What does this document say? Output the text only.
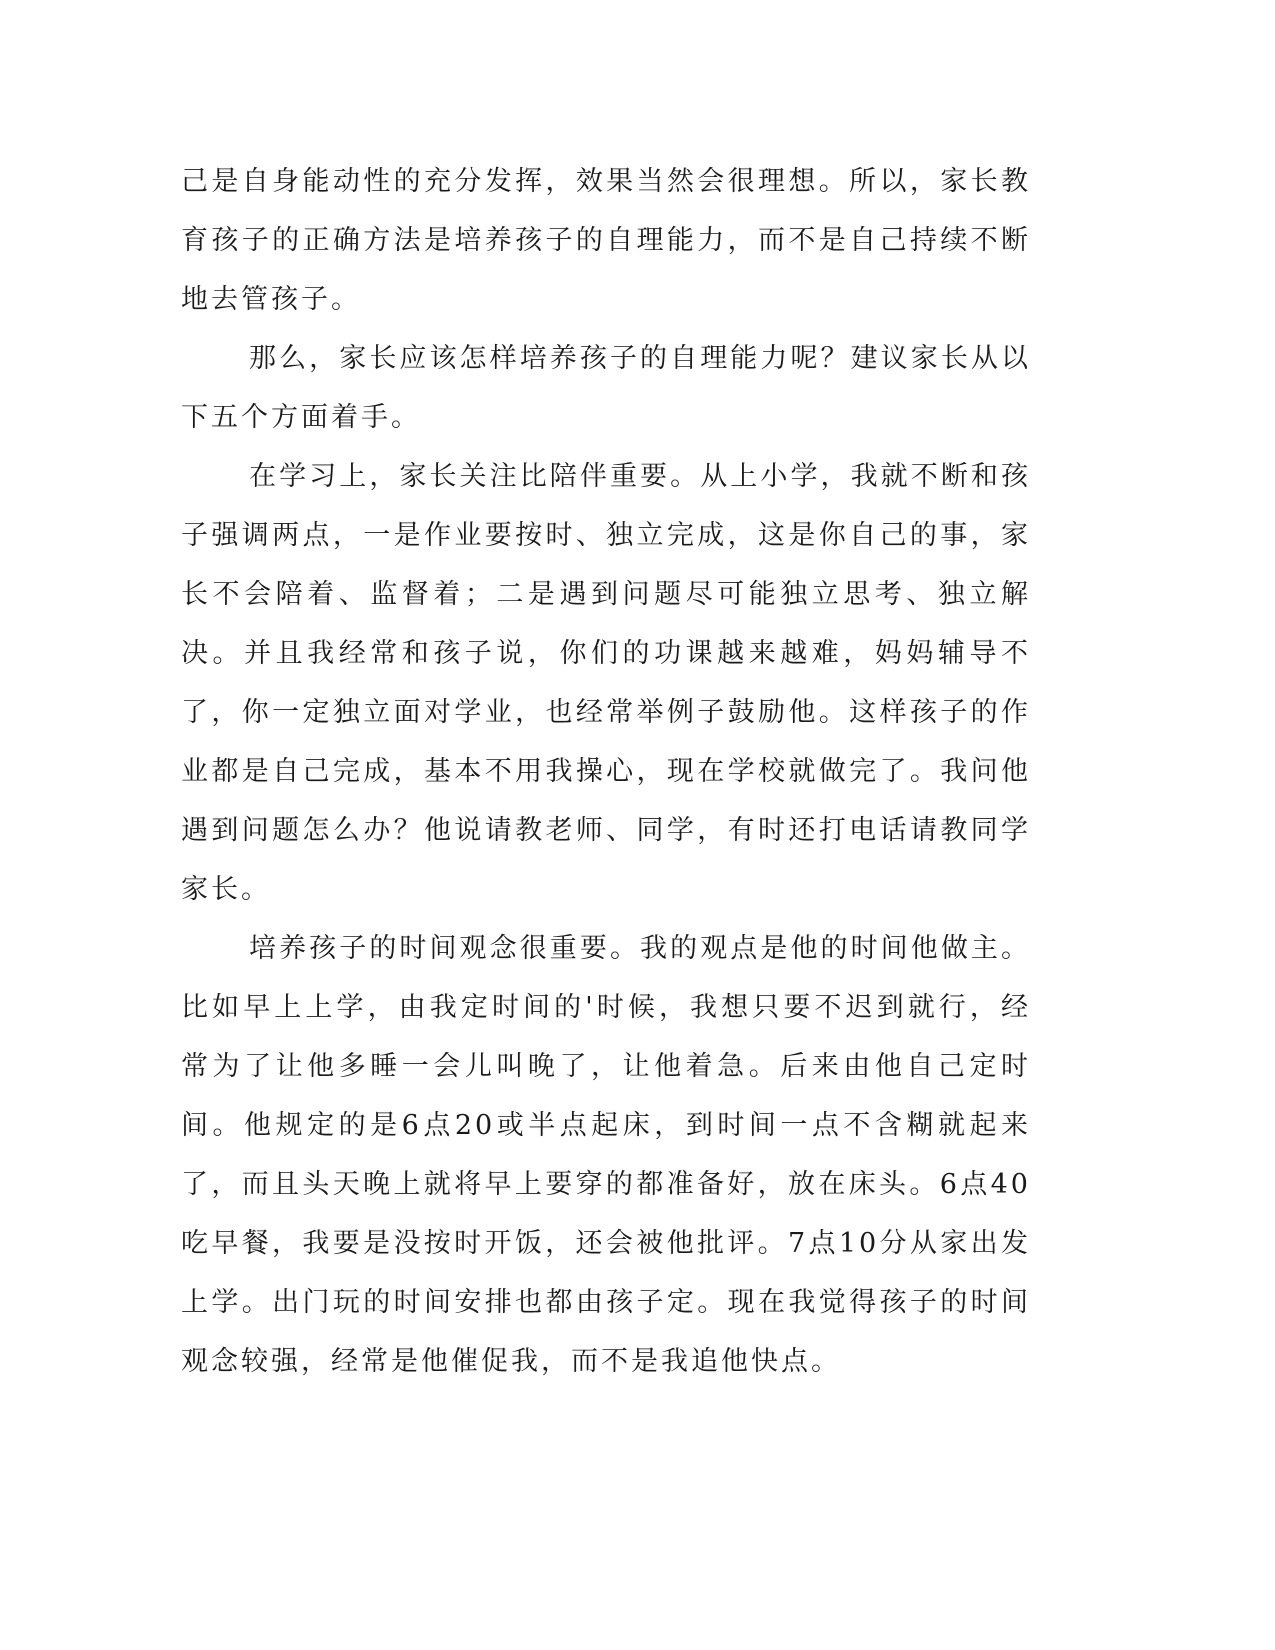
己是自身能动性的充分发挥，效果当然会很理想。所以，家长教育孩子的正确方法是培养孩子的自理能力，而不是自己持续不断地去管孩子。

那么，家长应该怎样培养孩子的自理能力呢？建议家长从以下五个方面着手。

在学习上，家长关注比陪伴重要。从上小学，我就不断和孩子强调两点，一是作业要按时、独立完成，这是你自己的事，家长不会陪着、监督着；二是遇到问题尽可能独立思考、独立解决。并且我经常和孩子说，你们的功课越来越难，妈妈辅导不了，你一定独立面对学业，也经常举例子鼓励他。这样孩子的作业都是自己完成，基本不用我操心，现在学校就做完了。我问他遇到问题怎么办？他说请教老师、同学，有时还打电话请教同学家长。

培养孩子的时间观念很重要。我的观点是他的时间他做主。比如早上上学，由我定时间的'时候，我想只要不迟到就行，经常为了让他多睡一会儿叫晚了，让他着急。后来由他自己定时间。他规定的是6点20或半点起床，到时间一点不含糊就起来了，而且头天晚上就将早上要穿的都准备好，放在床头。6点40吃早餐，我要是没按时开饭，还会被他批评。7点10分从家出发上学。出门玩的时间安排也都由孩子定。现在我觉得孩子的时间观念较强，经常是他催促我，而不是我追他快点。
